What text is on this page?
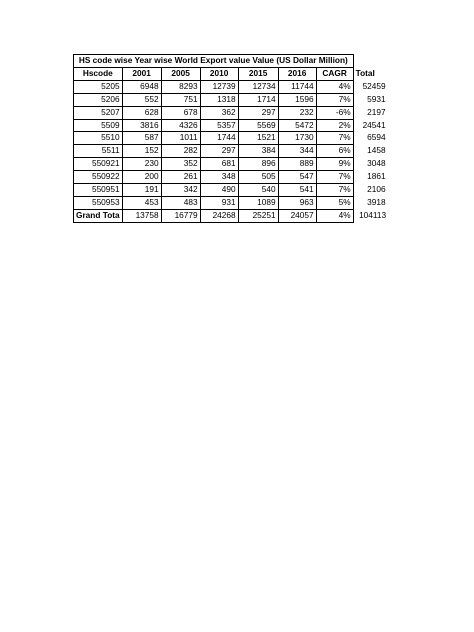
HS code wise Year wise World Export value Value (US Dollar Million)							
Hscode	2001	2005	2010	2015	2016	CAGR	Total
5205	6948	8293	12739	12734	11744	4%	52459
5206	552	751	1318	1714	1596	7%	5931
5207	628	678	362	297	232	-6%	2197
5509	3816	4326	5357	5569	5472	2%	24541
5510	587	1011	1744	1521	1730	7%	6594
5511	152	282	297	384	344	6%	1458
550921	230	352	681	896	889	9%	3048
550922	200	261	348	505	547	7%	1861
550951	191	342	490	540	541	7%	2106
550953	453	483	931	1089	963	5%	3918
Grand Tota	13758	16779	24268	25251	24057	4%	104113
